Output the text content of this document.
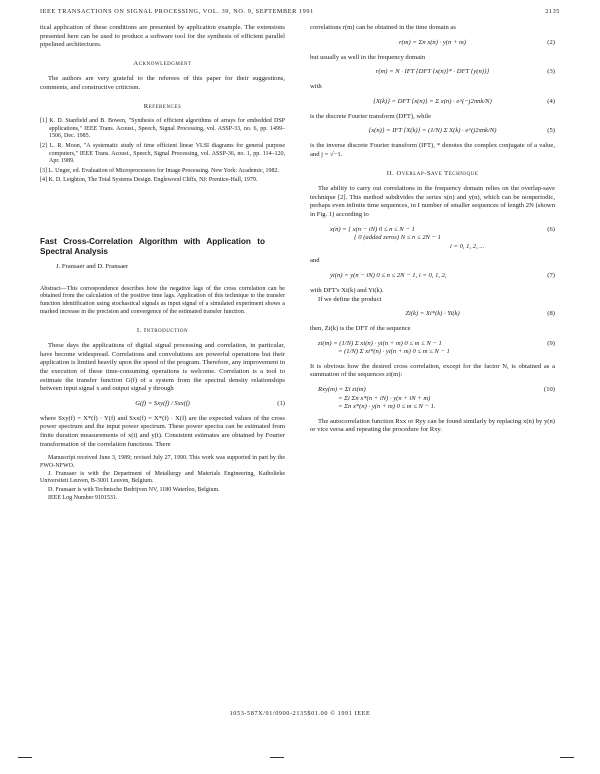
IEEE TRANSACTIONS ON SIGNAL PROCESSING, VOL. 39, NO. 9, SEPTEMBER 1991	2135

tical application of these conditions are presented by application example. The extensions presented here can be used to produce a software tool for the synthesis of efficient parallel pipelined architectures.

Acknowledgment

The authors are very grateful to the referees of this paper for their suggestions, comments, and constructive criticism.

References

[1] K. D. Stanfield and B. Bowen, "Synthesis of efficient algorithms of arrays for embedded DSP applications," IEEE Trans. Acoust., Speech, Signal Processing, vol. ASSP-33, no. 6, pp. 1499–1506, Dec. 1985.

[2] L. R. Moon, "A systematic study of time efficient linear VLSI diagrams for general purpose computers," IEEE Trans. Acoust., Speech, Signal Processing, vol. ASSP-36, no. 1, pp. 114–120, Apr. 1989.

[3] L. Unger, ed. Evaluation of Microprocessors for Image Processing. New York: Academic, 1982.

[4] K. D. Leighton, The Total Systems Design. Englewood Cliffs, NJ: Prentice-Hall, 1979.

Fast Cross-Correlation Algorithm with Application to Spectral Analysis
J. Fransaer and D. Fransaer

Abstract—This correspondence describes how the negative lags of the cross correlation can be obtained from the calculation of the positive time lags. Application of this technique to the transfer function identification using stochastical signals as input signal of a simulated experiment shows a marked increase in the precision and convergence of the estimated transfer function.

I. Introduction

These days the applications of digital signal processing and correlation, in particular, have become widespread. Correlations and convolutions are powerful operations but their application is limited heavily upon the speed of the program. Therefore, any improvement in the execution of these time-consuming operations is welcome. Correlation is a tool to estimate the transfer function G(f) of a system from the spectral density relationships between input signal x and output signal y through

G(f) = Sxy(f) / Sxx(f)	(1)

where Sxy(f) = X*(f) · Y(f) and Sxx(f) = X*(f) · X(f) are the expected values of the cross power spectrum and the input power spectrum. These power spectra can be estimated from finite duration measurements of x(t) and y(t). Consistent estimates are obtained by Fourier transformation of the correlation functions. There

Manuscript received June 3, 1989; revised July 27, 1990. This work was supported in part by the FWO-NFWO.

J. Fransaer is with the Department of Metallurgy and Materials Engineering, Katholieke Universiteit Leuven, B-3001 Leuven, Belgium.

D. Fransaer is with Technische Bedrijven NV, 1180 Waterloo, Belgium.

IEEE Log Number 9101531.

correlations r(m) can be obtained in the time domain as

r(m) = Σn x(n) · y(n + m)	(2)

but usually as well in the frequency domain

r(m) = N · IFT {DFT {x(n)}* · DFT {y(n)}}	(3)

with

{X(k)} = DFT {x(n)} = Σ x(n) · e^(−j2πnk/N)	(4)

is the discrete Fourier transform (DFT), while

{x(n)} = IFT {X(k)} = (1/N) Σ X(k) · e^(j2πnk/N)	(5)

is the inverse discrete Fourier transform (IFT), * denotes the complex conjugate of a value, and j = √−1.

II. Overlap-Save Technique

The ability to carry out correlations in the frequency domain relies on the overlap-save technique [2]. This method subdivides the series x(n) and y(n), which can be nonperiodic, perhaps even infinite time sequences, in I number of smaller sequences of length 2N (shown in Fig. 1) according to

x(n) = { x(n − iN) 0 ≤ n ≤ N − 1
{ 0 (added zeros) N ≤ n ≤ 2N − 1
i = 0, 1, 2, ...
(6)

and

yi(n) = y(n − iN) 0 ≤ n ≤ 2N − 1, i = 0, 1, 2,	(7)

with DFT's Xi(k) and Yi(k).

If we define the product

Zi(k) = Xi*(k) · Yi(k)	(8)

then, Zi(k) is the DFT of the sequence

zi(m) = (1/N) Σ xi(n) · yi(n + m) 0 ≤ m ≤ N − 1
= (1/N) Σ xi*(n) · yi(n + m) 0 ≤ m ≤ N − 1
(9)

It is obvious how the desired cross correlation, except for the factor N, is obtained as a summation of the sequences zi(m):

Rxy(m) = Σi zi(m)
= Σi Σn x*(n + iN) · y(n + iN + m)
= Σn x*(n) · y(n + m) 0 ≤ m ≤ N − 1.
(10)

The autocorrelation function Rxx or Ryy can be found similarly by replacing x(n) by y(n) or vice versa and repeating the procedure for Rxy.

1053-587X/91/0900-2135$01.00 © 1991 IEEE
